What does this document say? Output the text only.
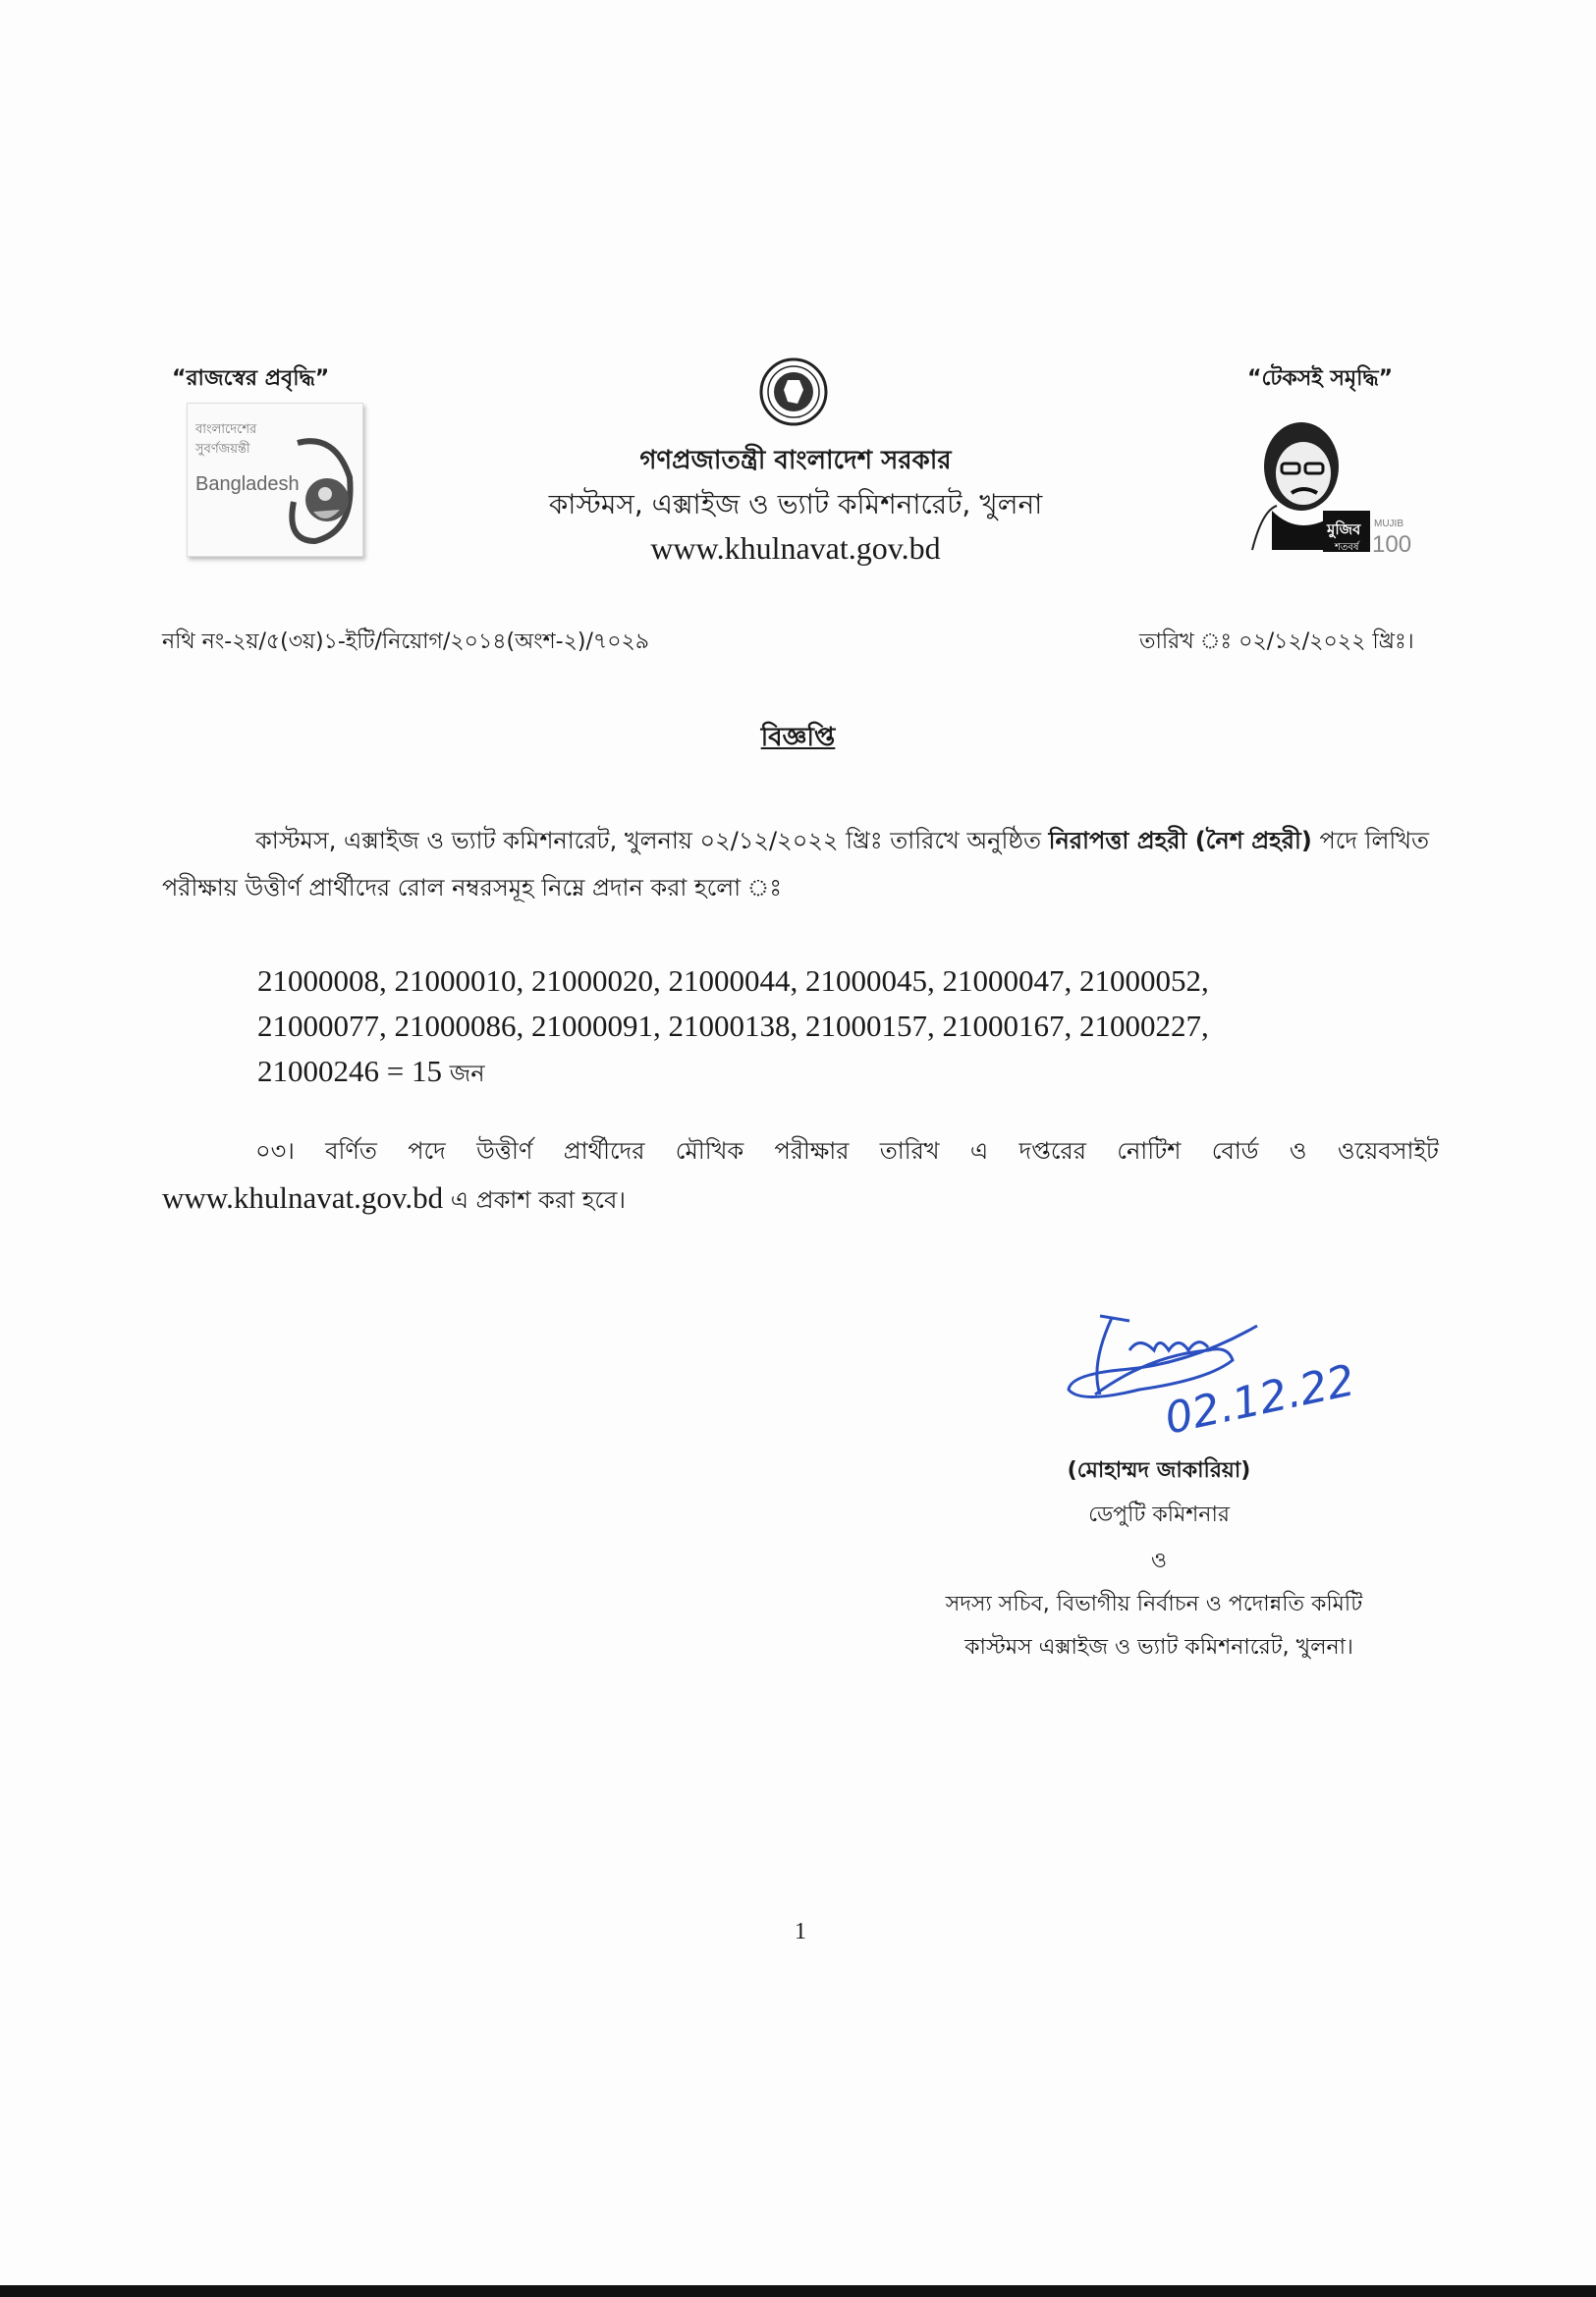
“রাজস্বের প্রবৃদ্ধি”	“টেকসই সমৃদ্ধি”
বাংলাদেশের
সুবর্ণজয়ন্তী
Bangladesh
~~~
গণপ্রজাতন্ত্রী বাংলাদেশ সরকার
কাস্টমস, এক্সাইজ ও ভ্যাট কমিশনারেট, খুলনা
www.khulnavat.gov.bd
মুজিব
শতবর্ষ
MUJIB
100
নথি নং-২য়/৫(৩য়)১-ইটি/নিয়োগ/২০১৪(অংশ-২)/৭০২৯	তারিখ ঃ ০২/১২/২০২২ খ্রিঃ।
বিজ্ঞপ্তি
কাস্টমস, এক্সাইজ ও ভ্যাট কমিশনারেট, খুলনায় ০২/১২/২০২২ খ্রিঃ তারিখে অনুষ্ঠিত নিরাপত্তা প্রহরী (নৈশ প্রহরী) পদে লিখিত পরীক্ষায় উত্তীর্ণ প্রার্থীদের রোল নম্বরসমূহ নিম্নে প্রদান করা হলো ঃ
21000008, 21000010, 21000020, 21000044, 21000045, 21000047, 21000052,
21000077, 21000086, 21000091, 21000138, 21000157, 21000167, 21000227,
21000246 = 15 জন
০৩। বর্ণিত পদে উত্তীর্ণ প্রার্থীদের মৌখিক পরীক্ষার তারিখ এ দপ্তরের নোটিশ বোর্ড ও ওয়েবসাইট
www.khulnavat.gov.bd এ প্রকাশ করা হবে।
02.12.22
(মোহাম্মদ জাকারিয়া)
ডেপুটি কমিশনার
ও
সদস্য সচিব, বিভাগীয় নির্বাচন ও পদোন্নতি কমিটি
কাস্টমস এক্সাইজ ও ভ্যাট কমিশনারেট, খুলনা।
1
